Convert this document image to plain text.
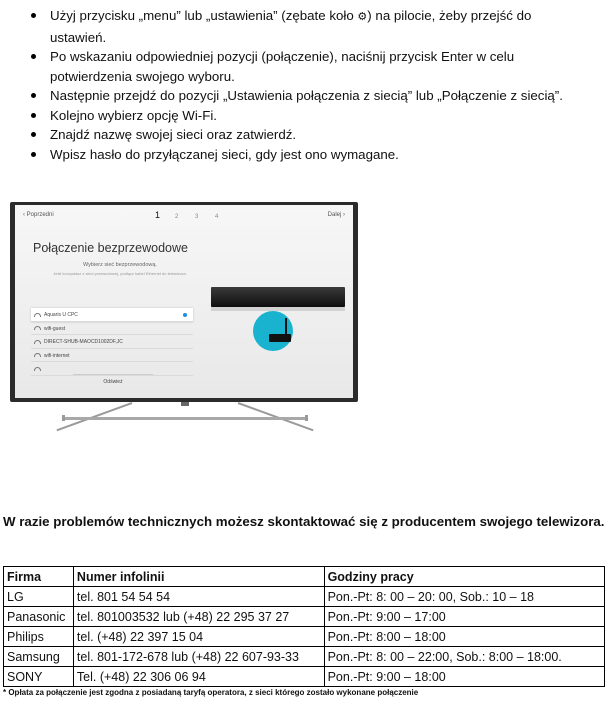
Użyj przycisku „menu” lub „ustawienia” (zębate koło ⚙) na pilocie, żeby przejść do ustawień.
Po wskazaniu odpowiedniej pozycji (połączenie), naciśnij przycisk Enter w celu potwierdzenia swojego wyboru.
Następnie przejdź do pozycji „Ustawienia połączenia z siecią” lub „Połączenie z siecią”.
Kolejno wybierz opcję Wi-Fi.
Znajdź nazwę swojej sieci oraz zatwierdź.
Wpisz hasło do przyłączanej sieci, gdy jest ono wymagane.
‹ Poprzedni	1 2	3	4	Dalej ›
Połączenie bezprzewodowe
Wybierz sieć bezprzewodową.
Jeśli korzystasz z sieci przewodowej, podłącz kabel Ethernet do telewizora.
Aquaris U CPC
wifi-guest
DIRECT-SHUB-MAOCD1002DF,JC
wifi-internet
Odśwież

W razie problemów technicznych możesz skontaktować się z producentem swojego telewizora.

Firma	Numer infolinii	Godziny pracy
LG	tel. 801 54 54 54	Pon.-Pt: 8: 00 – 20: 00, Sob.: 10 – 18
Panasonic	tel. 801003532 lub (+48) 22 295 37 27	Pon.-Pt: 9:00 – 17:00
Philips	tel. (+48) 22 397 15 04	Pon.-Pt: 8:00 – 18:00
Samsung	tel. 801-172-678 lub (+48) 22 607-93-33	Pon.-Pt: 8: 00 – 22:00, Sob.: 8:00 – 18:00.
SONY	Tel. (+48) 22 306 06 94	Pon.-Pt: 9:00 – 18:00
* Opłata za połączenie jest zgodna z posiadaną taryfą operatora, z sieci którego zostało wykonane połączenie
